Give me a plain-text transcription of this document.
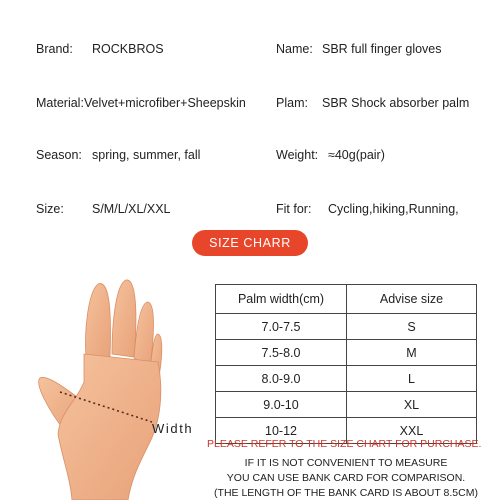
Brand: ROCKBROS	Name: SBR full finger gloves
Material:Velvet+microfiber+Sheepskin Plam: SBR Shock absorber palm
Season: spring, summer, fall	Weight: ≈40g(pair)
Size: S/M/L/XL/XXL	Fit for: Cycling,hiking,Running,
SIZE CHARR
Width
Palm width(cm)	Advise size
7.0-7.5	S
7.5-8.0	M
8.0-9.0	L
9.0-10	XL
10-12	XXL
PLEASE REFER TO THE SIZE CHART FOR PURCHASE.
IF IT IS NOT CONVENIENT TO MEASURE
YOU CAN USE BANK CARD FOR COMPARISON.
(THE LENGTH OF THE BANK CARD IS ABOUT 8.5CM)
